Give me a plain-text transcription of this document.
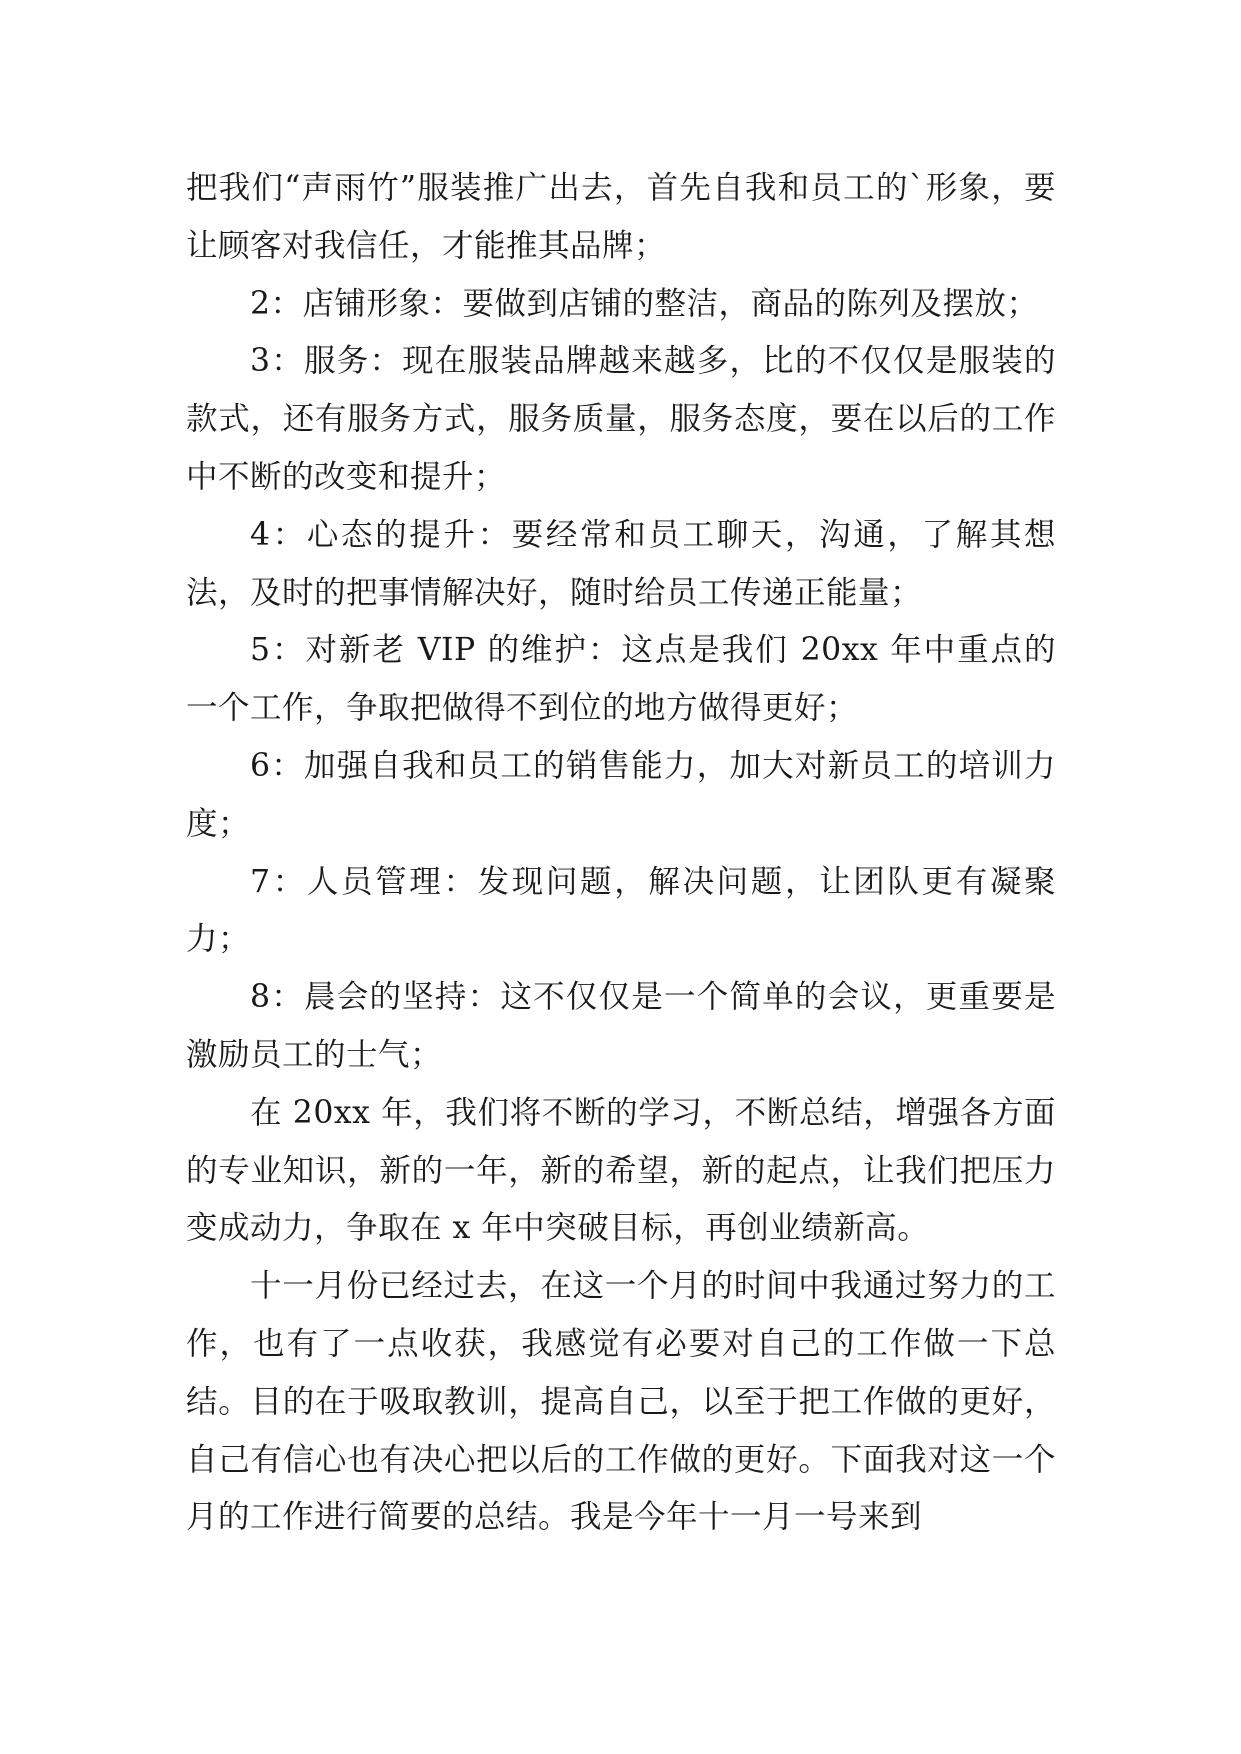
把我们“声雨竹”服装推广出去，首先自我和员工的`形象，要让顾客对我信任，才能推其品牌；

2：店铺形象：要做到店铺的整洁，商品的陈列及摆放；

3：服务：现在服装品牌越来越多，比的不仅仅是服装的款式，还有服务方式，服务质量，服务态度，要在以后的工作中不断的改变和提升；

4：心态的提升：要经常和员工聊天，沟通，了解其想法，及时的把事情解决好，随时给员工传递正能量；

5：对新老 VIP 的维护：这点是我们 20xx 年中重点的一个工作，争取把做得不到位的地方做得更好；

6：加强自我和员工的销售能力，加大对新员工的培训力度；

7：人员管理：发现问题，解决问题，让团队更有凝聚力；

8：晨会的坚持：这不仅仅是一个简单的会议，更重要是激励员工的士气；

在 20xx 年，我们将不断的学习，不断总结，增强各方面的专业知识，新的一年，新的希望，新的起点，让我们把压力变成动力，争取在 x 年中突破目标，再创业绩新高。

十一月份已经过去，在这一个月的时间中我通过努力的工作，也有了一点收获，我感觉有必要对自己的工作做一下总结。目的在于吸取教训，提高自己，以至于把工作做的更好，自己有信心也有决心把以后的工作做的更好。下面我对这一个月的工作进行简要的总结。我是今年十一月一号来到
